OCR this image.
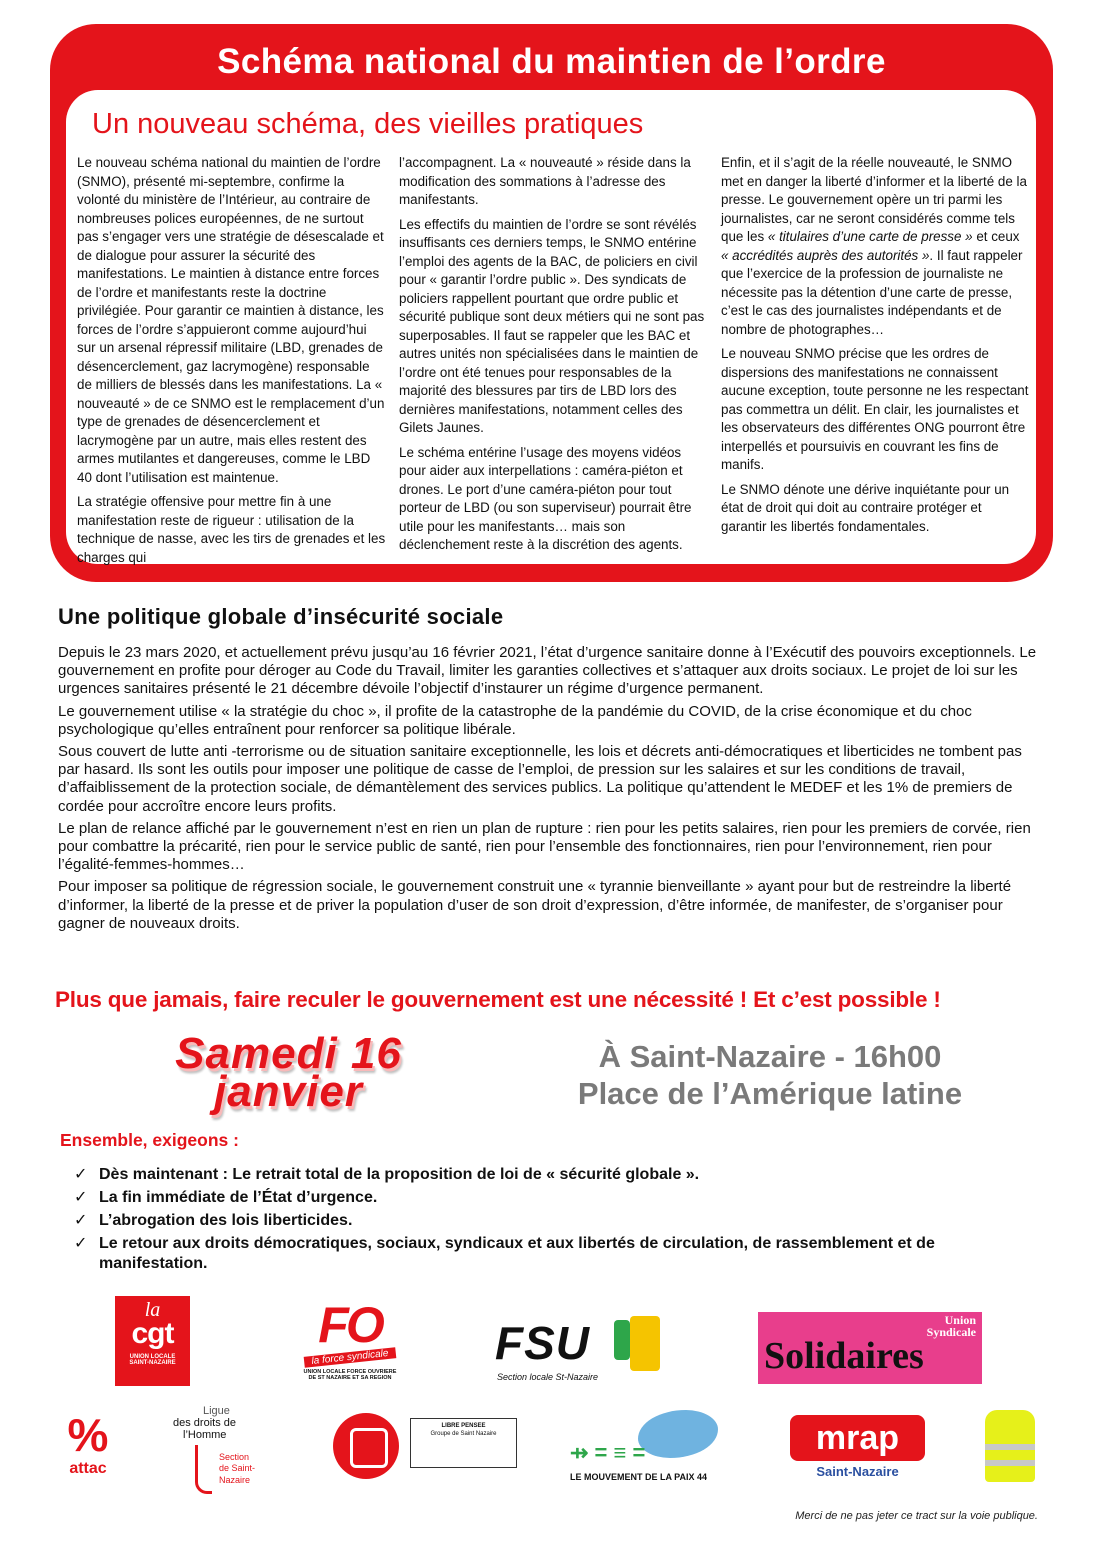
Schéma national du maintien de l’ordre
Un nouveau schéma, des vieilles pratiques

Le nouveau schéma national du maintien de l’ordre (SNMO), présenté mi-septembre, confirme la volonté du ministère de l’Intérieur, au contraire de nombreuses polices européennes, de ne surtout pas s’engager vers une stratégie de désescalade et de dialogue pour assurer la sécurité des manifestations. Le maintien à distance entre forces de l’ordre et manifestants reste la doctrine privilégiée. Pour garantir ce maintien à distance, les forces de l’ordre s’appuieront comme aujourd’hui sur un arsenal répressif militaire (LBD, grenades de désencerclement, gaz lacrymogène) responsable de milliers de blessés dans les manifestations. La « nouveauté » de ce SNMO est le remplacement d’un type de grenades de désencerclement et lacrymogène par un autre, mais elles restent des armes mutilantes et dangereuses, comme le LBD 40 dont l’utilisation est maintenue.

La stratégie offensive pour mettre fin à une manifestation reste de rigueur : utilisation de la technique de nasse, avec les tirs de grenades et les charges qui

l’accompagnent. La « nouveauté » réside dans la modification des sommations à l’adresse des manifestants.

Les effectifs du maintien de l’ordre se sont révélés insuffisants ces derniers temps, le SNMO entérine l’emploi des agents de la BAC, de policiers en civil pour « garantir l’ordre public ». Des syndicats de policiers rappellent pourtant que ordre public et sécurité publique sont deux métiers qui ne sont pas superposables. Il faut se rappeler que les BAC et autres unités non spécialisées dans le maintien de l’ordre ont été tenues pour responsables de la majorité des blessures par tirs de LBD lors des dernières manifestations, notamment celles des Gilets Jaunes.

Le schéma entérine l’usage des moyens vidéos pour aider aux interpellations : caméra-piéton et drones. Le port d’une caméra-piéton pour tout porteur de LBD (ou son superviseur) pourrait être utile pour les manifestants… mais son déclenchement reste à la discrétion des agents.

Enfin, et il s’agit de la réelle nouveauté, le SNMO met en danger la liberté d’informer et la liberté de la presse. Le gouvernement opère un tri parmi les journalistes, car ne seront considérés comme tels que les « titulaires d’une carte de presse » et ceux « accrédités auprès des autorités ». Il faut rappeler que l’exercice de la profession de journaliste ne nécessite pas la détention d’une carte de presse, c’est le cas des journalistes indépendants et de nombre de photographes…

Le nouveau SNMO précise que les ordres de dispersions des manifestations ne connaissent aucune exception, toute personne ne les respectant pas commettra un délit. En clair, les journalistes et les observateurs des différentes ONG pourront être interpellés et poursuivis en couvrant les fins de manifs.

Le SNMO dénote une dérive inquiétante pour un état de droit qui doit au contraire protéger et garantir les libertés fondamentales.

Une politique globale d’insécurité sociale

Depuis le 23 mars 2020, et actuellement prévu jusqu’au 16 février 2021, l’état d’urgence sanitaire donne à l’Exécutif des pouvoirs exceptionnels. Le gouvernement en profite pour déroger au Code du Travail, limiter les garanties collectives et s’attaquer aux droits sociaux. Le projet de loi sur les urgences sanitaires présenté le 21 décembre dévoile l’objectif d’instaurer un régime d’urgence permanent.

Le gouvernement utilise « la stratégie du choc », il profite de la catastrophe de la pandémie du COVID, de la crise économique et du choc psychologique qu’elles entraînent pour renforcer sa politique libérale.

Sous couvert de lutte anti -terrorisme ou de situation sanitaire exceptionnelle, les lois et décrets anti-démocratiques et liberticides ne tombent pas par hasard. Ils sont les outils pour imposer une politique de casse de l’emploi, de pression sur les salaires et sur les conditions de travail, d’affaiblissement de la protection sociale, de démantèlement des services publics. La politique qu’attendent le MEDEF et les 1% de premiers de cordée pour accroître encore leurs profits.

Le plan de relance affiché par le gouvernement n’est en rien un plan de rupture : rien pour les petits salaires, rien pour les premiers de corvée, rien pour combattre la précarité, rien pour le service public de santé, rien pour l’ensemble des fonctionnaires, rien pour l’environnement, rien pour l’égalité-femmes-hommes…

Pour imposer sa politique de régression sociale, le gouvernement construit une « tyrannie bienveillante » ayant pour but de restreindre la liberté d’informer, la liberté de la presse et de priver la population d’user de son droit d’expression, d’être informée, de manifester, de s’organiser pour gagner de nouveaux droits.

Plus que jamais, faire reculer le gouvernement est une nécessité ! Et c’est possible !
Samedi 16
janvier
À Saint-Nazaire - 16h00
Place de l’Amérique latine
Ensemble, exigeons :
✓ Dès maintenant : Le retrait total de la proposition de loi de « sécurité globale ».
✓ La fin immédiate de l’État d’urgence.
✓ L’abrogation des lois liberticides.
✓ Le retour aux droits démocratiques, sociaux, syndicaux et aux libertés de circulation, de rassemblement et de manifestation.
la
cgt
UNION LOCALE
SAINT-NAZAIRE
FO
la force syndicale
UNION LOCALE FORCE OUVRIERE
DE ST NAZAIRE ET SA REGION
FSU
Section locale St-Nazaire
Union Syndicale
Solidaires
%
attac
Ligue
des droits de
l’Homme
Section
de Saint-Nazaire
LIBRE PENSEE
Groupe de Saint Nazaire
⇸ = ≡ =
LE MOUVEMENT DE LA PAIX 44
mrap
Saint-Nazaire
Merci de ne pas jeter ce tract sur la voie publique.
